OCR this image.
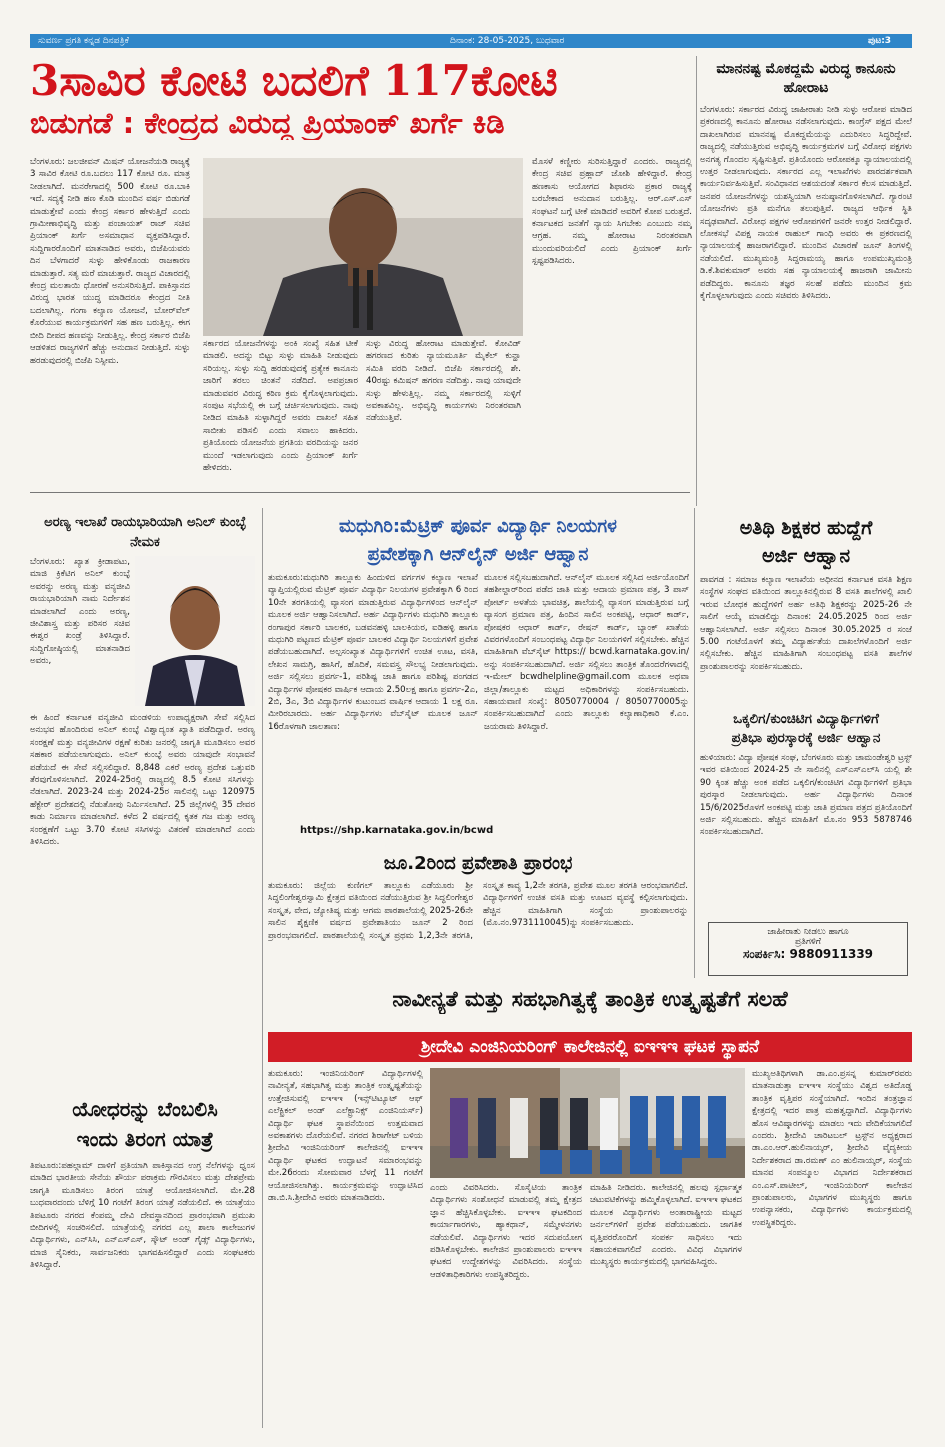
ಸುವರ್ಣ ಪ್ರಗತಿ ಕನ್ನಡ ದಿನಪತ್ರಿಕೆ	ದಿನಾಂಕ: 28-05-2025, ಬುಧವಾರ	ಪುಟ:3
3ಸಾವಿರ ಕೋಟಿ ಬದಲಿಗೆ 117ಕೋಟಿ
ಬಿಡುಗಡೆ : ಕೇಂದ್ರದ ವಿರುದ್ಧ ಪ್ರಿಯಾಂಕ್ ಖರ್ಗೆ ಕಿಡಿ

ಬೆಂಗಳೂರು: ಜಲಜೀವನ್ ಮಿಷನ್ ಯೋಜನೆಯಡಿ ರಾಜ್ಯಕ್ಕೆ 3 ಸಾವಿರ ಕೋಟಿ ರೂ.ಬದಲು 117 ಕೋಟಿ ರೂ. ಮಾತ್ರ ನೀಡಲಾಗಿದೆ. ಮನರೇಗಾದಲ್ಲಿ 500 ಕೋಟಿ ರೂ.ಬಾಕಿ ಇದೆ. ಸದ್ಯಕ್ಕೆ ನೀಡಿ ಹಣ ಕೊಡಿ ಮುಂದಿನ ವರ್ಷ ಬಿಡುಗಡೆ ಮಾಡುತ್ತೇವೆ ಎಂದು ಕೇಂದ್ರ ಸರ್ಕಾರ ಹೇಳುತ್ತಿದೆ ಎಂದು ಗ್ರಾಮೀಣಾಭಿವೃದ್ಧಿ ಮತ್ತು ಪಂಚಾಯತ್ ರಾಜ್ ಸಚಿವ ಪ್ರಿಯಾಂಕ್ ಖರ್ಗೆ ಅಸಮಾಧಾನ ವ್ಯಕ್ತಪಡಿಸಿದ್ದಾರೆ. ಸುದ್ದಿಗಾರರೊಂದಿಗೆ ಮಾತನಾಡಿದ ಅವರು, ಬಿಜೆಪಿಯವರು ದಿನ ಬೆಳಗಾದರೆ ಸುಳ್ಳು ಹೇಳಿಕೊಂಡು ರಾಜಕಾರಣ ಮಾಡುತ್ತಾರೆ. ಸತ್ಯ ಮರೆ ಮಾಚುತ್ತಾರೆ. ರಾಜ್ಯದ ವಿಚಾರದಲ್ಲಿ ಕೇಂದ್ರ ಮಲತಾಯಿ ಧೋರಣೆ ಅನುಸರಿಸುತ್ತಿದೆ. ಪಾಕಿಸ್ತಾನದ ವಿರುದ್ಧ ಭಾರತ ಯುದ್ಧ ಮಾಡಿದರೂ ಕೇಂದ್ರದ ನೀತಿ ಬದಲಾಗಿಲ್ಲ. ಗಂಗಾ ಕಲ್ಯಾಣ ಯೋಜನೆ, ಬೋರ್‌ವೆಲ್ ಕೊರೆಯುವ ಕಾರ್ಯಕ್ರಮಗಳಿಗೆ ಸಹ ಹಣ ಬರುತ್ತಿಲ್ಲ. ಈಗ ಬೀದಿ ದೀಪದ ಹಣವನ್ನು ನೀಡುತ್ತಿಲ್ಲ. ಕೇಂದ್ರ ಸರ್ಕಾರ ಬಿಜೆಪಿ ಆಡಳಿತದ ರಾಜ್ಯಗಳಿಗೆ ಹೆಚ್ಚು ಅನುದಾನ ನೀಡುತ್ತಿದೆ. ಸುಳ್ಳು ಹರಡುವುದರಲ್ಲಿ ಬಿಜೆಪಿ ನಿಸ್ಸೀಮ.

ಸರ್ಕಾರದ ಯೋಜನೆಗಳನ್ನು ಅಂಕಿ ಸಂಖ್ಯೆ ಸಹಿತ ಟೀಕೆ ಮಾಡಲಿ. ಅದನ್ನು ಬಿಟ್ಟು ಸುಳ್ಳು ಮಾಹಿತಿ ನೀಡುವುದು ಸರಿಯಲ್ಲ. ಸುಳ್ಳು ಸುದ್ದಿ ಹರಡುವುದಕ್ಕೆ ಪ್ರತ್ಯೇಕ ಕಾನೂನು ಜಾರಿಗೆ ತರಲು ಚಿಂತನೆ ನಡೆದಿದೆ. ಅಪಪ್ರಚಾರ ಮಾಡುವವರ ವಿರುದ್ಧ ಕಠಿಣ ಕ್ರಮ ಕೈಗೊಳ್ಳಲಾಗುವುದು. ಸಂಪುಟ ಸಭೆಯಲ್ಲಿ ಈ ಬಗ್ಗೆ ಚರ್ಚಿಸಲಾಗುವುದು. ನಾವು ನೀಡಿದ ಮಾಹಿತಿ ಸುಳ್ಳಾಗಿದ್ದರೆ ಅವರು ದಾಖಲೆ ಸಹಿತ ಸಾಬೀತು ಪಡಿಸಲಿ ಎಂದು ಸವಾಲು ಹಾಕಿದರು. ಪ್ರತಿಯೊಂದು ಯೋಜನೆಯ ಪ್ರಗತಿಯ ವರದಿಯನ್ನು ಜನರ ಮುಂದೆ ಇಡಲಾಗುವುದು ಎಂದು ಪ್ರಿಯಾಂಕ್ ಖರ್ಗೆ ಹೇಳಿದರು.

ಸುಳ್ಳು ವಿರುದ್ಧ ಹೋರಾಟ ಮಾಡುತ್ತೇವೆ. ಕೋವಿಡ್ ಹಗರಣದ ಕುರಿತು ನ್ಯಾಯಮೂರ್ತಿ ಮೈಕೆಲ್ ಕುನ್ಹಾ ಸಮಿತಿ ವರದಿ ನೀಡಿದೆ. ಬಿಜೆಪಿ ಸರ್ಕಾರದಲ್ಲಿ ಶೇ. 40ರಷ್ಟು ಕಮಿಷನ್ ಹಗರಣ ನಡೆದಿತ್ತು. ನಾವು ಯಾವುದೇ ಸುಳ್ಳು ಹೇಳುತ್ತಿಲ್ಲ. ನಮ್ಮ ಸರ್ಕಾರದಲ್ಲಿ ಸುಳ್ಳಿಗೆ ಅವಕಾಶವಿಲ್ಲ. ಅಭಿವೃದ್ಧಿ ಕಾರ್ಯಗಳು ನಿರಂತರವಾಗಿ ನಡೆಯುತ್ತಿವೆ.

ಮೊಸಳೆ ಕಣ್ಣೀರು ಸುರಿಸುತ್ತಿದ್ದಾರೆ ಎಂದರು. ರಾಜ್ಯದಲ್ಲಿ ಕೇಂದ್ರ ಸಚಿವ ಪ್ರಹ್ಲಾದ್ ಜೋಶಿ ಹೇಳಿದ್ದಾರೆ. ಕೇಂದ್ರ ಹಣಕಾಸು ಆಯೋಗದ ಶಿಫಾರಸು ಪ್ರಕಾರ ರಾಜ್ಯಕ್ಕೆ ಬರಬೇಕಾದ ಅನುದಾನ ಬರುತ್ತಿಲ್ಲ. ಆರ್.ಎಸ್.ಎಸ್ ಸಂಘಟನೆ ಬಗ್ಗೆ ಟೀಕೆ ಮಾಡಿದರೆ ಅವರಿಗೆ ಕೋಪ ಬರುತ್ತದೆ. ಕರ್ನಾಟಕದ ಜನತೆಗೆ ನ್ಯಾಯ ಸಿಗಬೇಕು ಎಂಬುದು ನಮ್ಮ ಆಗ್ರಹ. ನಮ್ಮ ಹೋರಾಟ ನಿರಂತರವಾಗಿ ಮುಂದುವರಿಯಲಿದೆ ಎಂದು ಪ್ರಿಯಾಂಕ್ ಖರ್ಗೆ ಸ್ಪಷ್ಟಪಡಿಸಿದರು.

ಮಾನನಷ್ಟ ಮೊಕದ್ದಮೆ ವಿರುದ್ಧ ಕಾನೂನು ಹೋರಾಟ

ಬೆಂಗಳೂರು: ಸರ್ಕಾರದ ವಿರುದ್ಧ ಜಾಹೀರಾತು ನೀಡಿ ಸುಳ್ಳು ಆರೋಪ ಮಾಡಿದ ಪ್ರಕರಣದಲ್ಲಿ ಕಾನೂನು ಹೋರಾಟ ನಡೆಸಲಾಗುವುದು. ಕಾಂಗ್ರೆಸ್ ಪಕ್ಷದ ಮೇಲೆ ದಾಖಲಾಗಿರುವ ಮಾನನಷ್ಟ ಮೊಕದ್ದಮೆಯನ್ನು ಎದುರಿಸಲು ಸಿದ್ಧರಿದ್ದೇವೆ. ರಾಜ್ಯದಲ್ಲಿ ನಡೆಯುತ್ತಿರುವ ಅಭಿವೃದ್ಧಿ ಕಾರ್ಯಕ್ರಮಗಳ ಬಗ್ಗೆ ವಿರೋಧ ಪಕ್ಷಗಳು ಅನಗತ್ಯ ಗೊಂದಲ ಸೃಷ್ಟಿಸುತ್ತಿವೆ. ಪ್ರತಿಯೊಂದು ಆರೋಪಕ್ಕೂ ನ್ಯಾಯಾಲಯದಲ್ಲಿ ಉತ್ತರ ನೀಡಲಾಗುವುದು. ಸರ್ಕಾರದ ಎಲ್ಲ ಇಲಾಖೆಗಳು ಪಾರದರ್ಶಕವಾಗಿ ಕಾರ್ಯನಿರ್ವಹಿಸುತ್ತಿವೆ. ಸಂವಿಧಾನದ ಆಶಯದಂತೆ ಸರ್ಕಾರ ಕೆಲಸ ಮಾಡುತ್ತಿದೆ. ಜನಪರ ಯೋಜನೆಗಳನ್ನು ಯಶಸ್ವಿಯಾಗಿ ಅನುಷ್ಠಾನಗೊಳಿಸಲಾಗಿದೆ. ಗ್ಯಾರಂಟಿ ಯೋಜನೆಗಳು ಪ್ರತಿ ಮನೆಗೂ ತಲುಪುತ್ತಿವೆ. ರಾಜ್ಯದ ಆರ್ಥಿಕ ಸ್ಥಿತಿ ಸದೃಢವಾಗಿದೆ. ವಿರೋಧ ಪಕ್ಷಗಳ ಆರೋಪಗಳಿಗೆ ಜನರೇ ಉತ್ತರ ನೀಡಲಿದ್ದಾರೆ. ಲೋಕಸಭೆ ವಿಪಕ್ಷ ನಾಯಕ ರಾಹುಲ್ ಗಾಂಧಿ ಅವರು ಈ ಪ್ರಕರಣದಲ್ಲಿ ನ್ಯಾಯಾಲಯಕ್ಕೆ ಹಾಜರಾಗಲಿದ್ದಾರೆ. ಮುಂದಿನ ವಿಚಾರಣೆ ಜೂನ್ ತಿಂಗಳಲ್ಲಿ ನಡೆಯಲಿದೆ. ಮುಖ್ಯಮಂತ್ರಿ ಸಿದ್ದರಾಮಯ್ಯ ಹಾಗೂ ಉಪಮುಖ್ಯಮಂತ್ರಿ ಡಿ.ಕೆ.ಶಿವಕುಮಾರ್ ಅವರು ಸಹ ನ್ಯಾಯಾಲಯಕ್ಕೆ ಹಾಜರಾಗಿ ಜಾಮೀನು ಪಡೆದಿದ್ದರು. ಕಾನೂನು ತಜ್ಞರ ಸಲಹೆ ಪಡೆದು ಮುಂದಿನ ಕ್ರಮ ಕೈಗೊಳ್ಳಲಾಗುವುದು ಎಂದು ಸಚಿವರು ತಿಳಿಸಿದರು.

ಅರಣ್ಯ ಇಲಾಖೆ ರಾಯಭಾರಿಯಾಗಿ ಅನಿಲ್ ಕುಂಬ್ಳೆ ನೇಮಕ

ಬೆಂಗಳೂರು: ಖ್ಯಾತ ಕ್ರೀಡಾಪಟು, ಮಾಜಿ ಕ್ರಿಕೆಟಿಗ ಅನಿಲ್ ಕುಂಬ್ಳೆ ಅವರನ್ನು ಅರಣ್ಯ ಮತ್ತು ವನ್ಯಜೀವಿ ರಾಯಭಾರಿಯಾಗಿ ನಾಮ ನಿರ್ದೇಶನ ಮಾಡಲಾಗಿದೆ ಎಂದು ಅರಣ್ಯ, ಜೀವಿಶಾಸ್ತ್ರ ಮತ್ತು ಪರಿಸರ ಸಚಿವ ಈಶ್ವರ ಖಂಡ್ರೆ ತಿಳಿಸಿದ್ದಾರೆ. ಸುದ್ದಿಗೋಷ್ಠಿಯಲ್ಲಿ ಮಾತನಾಡಿದ ಅವರು,

ಈ ಹಿಂದೆ ಕರ್ನಾಟಕ ವನ್ಯಜೀವಿ ಮಂಡಳಿಯ ಉಪಾಧ್ಯಕ್ಷರಾಗಿ ಸೇವೆ ಸಲ್ಲಿಸಿದ ಅನುಭವ ಹೊಂದಿರುವ ಅನಿಲ್ ಕುಂಬ್ಳೆ ವಿಶ್ವಾದ್ಯಂತ ಖ್ಯಾತಿ ಪಡೆದಿದ್ದಾರೆ. ಅರಣ್ಯ ಸಂರಕ್ಷಣೆ ಮತ್ತು ವನ್ಯಜೀವಿಗಳ ರಕ್ಷಣೆ ಕುರಿತು ಜನರಲ್ಲಿ ಜಾಗೃತಿ ಮೂಡಿಸಲು ಅವರ ಸಹಕಾರ ಪಡೆಯಲಾಗುವುದು. ಅನಿಲ್ ಕುಂಬ್ಳೆ ಅವರು ಯಾವುದೇ ಸಂಭಾವನೆ ಪಡೆಯದೆ ಈ ಸೇವೆ ಸಲ್ಲಿಸಲಿದ್ದಾರೆ. 8,848 ಎಕರೆ ಅರಣ್ಯ ಪ್ರದೇಶ ಒತ್ತುವರಿ ತೆರವುಗೊಳಿಸಲಾಗಿದೆ. 2024-25ರಲ್ಲಿ ರಾಜ್ಯದಲ್ಲಿ 8.5 ಕೋಟಿ ಸಸಿಗಳನ್ನು ನೆಡಲಾಗಿದೆ. 2023-24 ಮತ್ತು 2024-25ರ ಸಾಲಿನಲ್ಲಿ ಒಟ್ಟು 120975 ಹೆಕ್ಟೇರ್ ಪ್ರದೇಶದಲ್ಲಿ ನೆಡುತೋಪು ನಿರ್ಮಿಸಲಾಗಿದೆ. 25 ಜಿಲ್ಲೆಗಳಲ್ಲಿ 35 ದೇವರ ಕಾಡು ನಿರ್ಮಾಣ ಮಾಡಲಾಗಿದೆ. ಕಳೆದ 2 ವರ್ಷದಲ್ಲಿ ಕೃತಕ ಗಜ ಮತ್ತು ಅರಣ್ಯ ಸಂರಕ್ಷಣೆಗೆ ಒಟ್ಟು 3.70 ಕೋಟಿ ಸಸಿಗಳನ್ನು ವಿತರಣೆ ಮಾಡಲಾಗಿದೆ ಎಂದು ತಿಳಿಸಿದರು.

ಯೋಧರನ್ನು ಬೆಂಬಲಿಸಿ
ಇಂದು ತಿರಂಗ ಯಾತ್ರೆ

ತಿಪಟೂರು:ಪಹಲ್ಗಾಮ್ ದಾಳಿಗೆ ಪ್ರತಿಯಾಗಿ ಪಾಕಿಸ್ತಾನದ ಉಗ್ರ ನೆಲೆಗಳನ್ನು ಧ್ವಂಸ ಮಾಡಿದ ಭಾರತೀಯ ಸೇನೆಯ ಶೌರ್ಯ ಪರಾಕ್ರಮ ಗೌರವಿಸಲು ಮತ್ತು ದೇಶಪ್ರೇಮ ಜಾಗೃತಿ ಮೂಡಿಸಲು ತಿರಂಗ ಯಾತ್ರೆ ಆಯೋಜಿಸಲಾಗಿದೆ. ಮೇ.28 ಬುಧವಾರದಂದು ಬೆಳಿಗ್ಗೆ 10 ಗಂಟೆಗೆ ತಿರಂಗ ಯಾತ್ರೆ ನಡೆಯಲಿದೆ. ಈ ಯಾತ್ರೆಯು ತಿಪಟೂರು ನಗರದ ಕೆಂಪಮ್ಮ ದೇವಿ ದೇವಸ್ಥಾನದಿಂದ ಪ್ರಾರಂಭವಾಗಿ ಪ್ರಮುಖ ಬೀದಿಗಳಲ್ಲಿ ಸಂಚರಿಸಲಿದೆ. ಯಾತ್ರೆಯಲ್ಲಿ ನಗರದ ಎಲ್ಲ ಶಾಲಾ ಕಾಲೇಜುಗಳ ವಿದ್ಯಾರ್ಥಿಗಳು, ಎನ್‌ಸಿಸಿ, ಎನ್‌ಎಸ್‌ಎಸ್, ಸ್ಕೌಟ್ ಅಂಡ್ ಗೈಡ್ಸ್ ವಿದ್ಯಾರ್ಥಿಗಳು, ಮಾಜಿ ಸೈನಿಕರು, ಸಾರ್ವಜನಿಕರು ಭಾಗವಹಿಸಲಿದ್ದಾರೆ ಎಂದು ಸಂಘಟಕರು ತಿಳಿಸಿದ್ದಾರೆ.

ಮಧುಗಿರಿ:ಮೆಟ್ರಿಕ್ ಪೂರ್ವ ವಿದ್ಯಾರ್ಥಿ ನಿಲಯಗಳ
ಪ್ರವೇಶಕ್ಕಾಗಿ ಆನ್‌ಲೈನ್ ಅರ್ಜಿ ಆಹ್ವಾನ

ತುಮಕೂರು:ಮಧುಗಿರಿ ತಾಲ್ಲೂಕು ಹಿಂದುಳಿದ ವರ್ಗಗಳ ಕಲ್ಯಾಣ ಇಲಾಖೆ ವ್ಯಾಪ್ತಿಯಲ್ಲಿರುವ ಮೆಟ್ರಿಕ್ ಪೂರ್ವ ವಿದ್ಯಾರ್ಥಿ ನಿಲಯಗಳ ಪ್ರವೇಶಕ್ಕಾಗಿ 6 ರಿಂದ 10ನೇ ತರಗತಿಯಲ್ಲಿ ವ್ಯಾಸಂಗ ಮಾಡುತ್ತಿರುವ ವಿದ್ಯಾರ್ಥಿಗಳಿಂದ ಆನ್‌ಲೈನ್ ಮೂಲಕ ಅರ್ಜಿ ಆಹ್ವಾನಿಸಲಾಗಿದೆ. ಅರ್ಹ ವಿದ್ಯಾರ್ಥಿಗಳು ಮಧುಗಿರಿ ತಾಲ್ಲೂಕು ರಂಗಾಪುರ ಸರ್ಕಾರಿ ಬಾಲಕರ, ಬಡವನಹಳ್ಳಿ ಬಾಲಕಿಯರ, ಐಡಿಹಳ್ಳಿ ಹಾಗೂ ಮಧುಗಿರಿ ಪಟ್ಟಣದ ಮೆಟ್ರಿಕ್ ಪೂರ್ವ ಬಾಲಕರ ವಿದ್ಯಾರ್ಥಿ ನಿಲಯಗಳಿಗೆ ಪ್ರವೇಶ ಪಡೆಯಬಹುದಾಗಿದೆ. ಅಲ್ಪಸಂಖ್ಯಾತ ವಿದ್ಯಾರ್ಥಿಗಳಿಗೆ ಉಚಿತ ಊಟ, ವಸತಿ, ಲೇಖನ ಸಾಮಗ್ರಿ, ಹಾಸಿಗೆ, ಹೊದಿಕೆ, ಸಮವಸ್ತ್ರ ಸೌಲಭ್ಯ ನೀಡಲಾಗುವುದು. ಅರ್ಜಿ ಸಲ್ಲಿಸಲು ಪ್ರವರ್ಗ-1, ಪರಿಶಿಷ್ಟ ಜಾತಿ ಹಾಗೂ ಪರಿಶಿಷ್ಟ ಪಂಗಡದ ವಿದ್ಯಾರ್ಥಿಗಳ ಪೋಷಕರ ವಾರ್ಷಿಕ ಆದಾಯ 2.50ಲಕ್ಷ ಹಾಗೂ ಪ್ರವರ್ಗ-2ಎ, 2ಬಿ, 3ಎ, 3ಬಿ ವಿದ್ಯಾರ್ಥಿಗಳ ಕುಟುಂಬದ ವಾರ್ಷಿಕ ಆದಾಯ 1 ಲಕ್ಷ ರೂ. ಮೀರಿರಬಾರದು. ಅರ್ಹ ವಿದ್ಯಾರ್ಥಿಗಳು ವೆಬ್‌ಸೈಟ್ ಮೂಲಕ ಜೂನ್ 16ರೊಳಗಾಗಿ ಜಾಲತಾಣ:

https://shp.karnataka.gov.in/bcwd

ಮೂಲಕ ಸಲ್ಲಿಸಬಹುದಾಗಿದೆ. ಆನ್‌ಲೈನ್ ಮೂಲಕ ಸಲ್ಲಿಸಿದ ಅರ್ಜಿಯೊಂದಿಗೆ ತಹಶೀಲ್ದಾರ್‌ರಿಂದ ಪಡೆದ ಜಾತಿ ಮತ್ತು ಆದಾಯ ಪ್ರಮಾಣ ಪತ್ರ, 3 ಪಾಸ್ ಪೋರ್ಟ್ ಅಳತೆಯ ಭಾವಚಿತ್ರ, ಶಾಲೆಯಲ್ಲಿ ವ್ಯಾಸಂಗ ಮಾಡುತ್ತಿರುವ ಬಗ್ಗೆ ವ್ಯಾಸಂಗ ಪ್ರಮಾಣ ಪತ್ರ, ಹಿಂದಿನ ಸಾಲಿನ ಅಂಕಪಟ್ಟಿ, ಆಧಾರ್ ಕಾರ್ಡ್, ಪೋಷಕರ ಆಧಾರ್ ಕಾರ್ಡ್, ರೇಷನ್ ಕಾರ್ಡ್, ಬ್ಯಾಂಕ್ ಖಾತೆಯ ವಿವರಗಳೊಂದಿಗೆ ಸಂಬಂಧಪಟ್ಟ ವಿದ್ಯಾರ್ಥಿ ನಿಲಯಗಳಿಗೆ ಸಲ್ಲಿಸಬೇಕು. ಹೆಚ್ಚಿನ ಮಾಹಿತಿಗಾಗಿ ವೆಬ್‌ಸೈಟ್ https:// bcwd.karnataka.gov.in/ ಅನ್ನು ಸಂಪರ್ಕಿಸಬಹುದಾಗಿದೆ. ಅರ್ಜಿ ಸಲ್ಲಿಸಲು ತಾಂತ್ರಿಕ ತೊಂದರೆಗಳಾದಲ್ಲಿ ಇ-ಮೇಲ್ bcwdhelpline@gmail.com ಮೂಲಕ ಅಥವಾ ಜಿಲ್ಲಾ/ತಾಲ್ಲೂಕು ಮಟ್ಟದ ಅಧಿಕಾರಿಗಳನ್ನು ಸಂಪರ್ಕಿಸಬಹುದು. ಸಹಾಯವಾಣಿ ಸಂಖ್ಯೆ: 8050770004 / 8050770005ನ್ನು ಸಂಪರ್ಕಿಸಬಹುದಾಗಿದೆ ಎಂದು ತಾಲ್ಲೂಕು ಕಲ್ಯಾಣಾಧಿಕಾರಿ ಕೆ.ಎಂ. ಜಯರಾಮ ತಿಳಿಸಿದ್ದಾರೆ.

ಜೂ.2ರಿಂದ ಪ್ರವೇಶಾತಿ ಪ್ರಾರಂಭ

ತುಮಕೂರು: ಜಿಲ್ಲೆಯ ಕುಣಿಗಲ್ ತಾಲ್ಲೂಕು ಎಡೆಯೂರು ಶ್ರೀ ಸಿದ್ಧಲಿಂಗೇಶ್ವರಸ್ವಾಮಿ ಕ್ಷೇತ್ರದ ವತಿಯಿಂದ ನಡೆಯುತ್ತಿರುವ ಶ್ರೀ ಸಿದ್ಧಲಿಂಗೇಶ್ವರ ಸಂಸ್ಕೃತ, ವೇದ, ಜ್ಯೋತಿಷ್ಯ ಮತ್ತು ಆಗಮ ಪಾಠಶಾಲೆಯಲ್ಲಿ 2025-26ನೇ ಸಾಲಿನ ಶೈಕ್ಷಣಿಕ ವರ್ಷದ ಪ್ರವೇಶಾತಿಯು ಜೂನ್ 2 ರಿಂದ ಪ್ರಾರಂಭವಾಗಲಿದೆ. ಪಾಠಶಾಲೆಯಲ್ಲಿ ಸಂಸ್ಕೃತ ಪ್ರಥಮ 1,2,3ನೇ ತರಗತಿ, ಸಂಸ್ಕೃತ ಕಾವ್ಯ 1,2ನೇ ತರಗತಿ, ಪ್ರವೇಶ ಮೂಲ ತರಗತಿ ಆರಂಭವಾಗಲಿದೆ. ವಿದ್ಯಾರ್ಥಿಗಳಿಗೆ ಉಚಿತ ವಸತಿ ಮತ್ತು ಊಟದ ವ್ಯವಸ್ಥೆ ಕಲ್ಪಿಸಲಾಗುವುದು. ಹೆಚ್ಚಿನ ಮಾಹಿತಿಗಾಗಿ ಸಂಸ್ಥೆಯ ಪ್ರಾಂಶುಪಾಲರನ್ನು (ಮೊ.ನಂ.9731110045)ನ್ನು ಸಂಪರ್ಕಿಸಬಹುದು.

ಅತಿಥಿ ಶಿಕ್ಷಕರ ಹುದ್ದೆಗೆ
ಅರ್ಜಿ ಆಹ್ವಾನ

ಪಾವಗಡ : ಸಮಾಜ ಕಲ್ಯಾಣ ಇಲಾಖೆಯ ಅಧೀನದ ಕರ್ನಾಟಕ ವಸತಿ ಶಿಕ್ಷಣ ಸಂಸ್ಥೆಗಳ ಸಂಘದ ವತಿಯಿಂದ ತಾಲ್ಲೂಕಿನಲ್ಲಿರುವ 8 ವಸತಿ ಶಾಲೆಗಳಲ್ಲಿ ಖಾಲಿ ಇರುವ ಬೋಧಕ ಹುದ್ದೆಗಳಿಗೆ ಅರ್ಹ ಅತಿಥಿ ಶಿಕ್ಷಕರನ್ನು 2025-26 ನೇ ಸಾಲಿಗೆ ಆಯ್ಕೆ ಮಾಡಲಿದ್ದು ದಿನಾಂಕ: 24.05.2025 ರಿಂದ ಅರ್ಜಿ ಆಹ್ವಾನಿಸಲಾಗಿದೆ. ಅರ್ಜಿ ಸಲ್ಲಿಸಲು ದಿನಾಂಕ 30.05.2025 ರ ಸಂಜೆ 5.00 ಗಂಟೆಯೊಳಗೆ ತಮ್ಮ ವಿದ್ಯಾರ್ಹತೆಯ ದಾಖಲೆಗಳೊಂದಿಗೆ ಅರ್ಜಿ ಸಲ್ಲಿಸಬೇಕು. ಹೆಚ್ಚಿನ ಮಾಹಿತಿಗಾಗಿ ಸಂಬಂಧಪಟ್ಟ ವಸತಿ ಶಾಲೆಗಳ ಪ್ರಾಂಶುಪಾಲರನ್ನು ಸಂಪರ್ಕಿಸಬಹುದು.

ಒಕ್ಕಲಿಗ/ಕುಂಚಿಟಿಗ ವಿದ್ಯಾರ್ಥಿಗಳಿಗೆ
ಪ್ರತಿಭಾ ಪುರಸ್ಕಾರಕ್ಕೆ ಅರ್ಜಿ ಆಹ್ವಾನ

ಹುಳಿಯಾರು: ವಿದ್ಯಾ ಪೋಷಕ ಸಂಘ, ಬೆಂಗಳೂರು ಮತ್ತು ಚಾಮಂಡೇಶ್ವರಿ ಟ್ರಸ್ಟ್ ಇವರ ವತಿಯಿಂದ 2024-25 ನೇ ಸಾಲಿನಲ್ಲಿ ಎಸ್‌ಎಸ್‌ಎಲ್‌ಸಿ ಯಲ್ಲಿ ಶೇ 90 ಕ್ಕಿಂತ ಹೆಚ್ಚು ಅಂಕ ಪಡೆದ ಒಕ್ಕಲಿಗ/ಕುಂಚಿಟಿಗ ವಿದ್ಯಾರ್ಥಿಗಳಿಗೆ ಪ್ರತಿಭಾ ಪುರಸ್ಕಾರ ನೀಡಲಾಗುವುದು. ಅರ್ಹ ವಿದ್ಯಾರ್ಥಿಗಳು ದಿನಾಂಕ 15/6/2025ರೊಳಗೆ ಅಂಕಪಟ್ಟಿ ಮತ್ತು ಜಾತಿ ಪ್ರಮಾಣ ಪತ್ರದ ಪ್ರತಿಯೊಂದಿಗೆ ಅರ್ಜಿ ಸಲ್ಲಿಸಬಹುದು. ಹೆಚ್ಚಿನ ಮಾಹಿತಿಗೆ ಮೊ.ನಂ 953 5878746 ಸಂಪರ್ಕಿಸಬಹುದಾಗಿದೆ.

ಜಾಹೀರಾತು ನೀಡಲು ಹಾಗೂ
ಪ್ರತಿಗಳಿಗೆ
ಸಂಪರ್ಕಿಸಿ: 9880911339
ನಾವೀನ್ಯತೆ ಮತ್ತು ಸಹಭಾಗಿತ್ವಕ್ಕೆ ತಾಂತ್ರಿಕ ಉತ್ಕೃಷ್ಟತೆಗೆ ಸಲಹೆ
ಶ್ರೀದೇವಿ ಎಂಜಿನಿಯರಿಂಗ್ ಕಾಲೇಜಿನಲ್ಲಿ ಐಇಇಇ ಘಟಕ ಸ್ಥಾಪನೆ

ತುಮಕೂರು: ಇಂಜಿನಿಯರಿಂಗ್ ವಿದ್ಯಾರ್ಥಿಗಳಲ್ಲಿ ನಾವೀನ್ಯತೆ, ಸಹಭಾಗಿತ್ವ ಮತ್ತು ತಾಂತ್ರಿಕ ಉತ್ಕೃಷ್ಟತೆಯನ್ನು ಉತ್ತೇಜಿಸುವಲ್ಲಿ ಐಇಇಇ (ಇನ್ಸ್‌ಟಿಟ್ಯೂಟ್ ಆಫ್ ಎಲೆಕ್ಟ್ರಿಕಲ್ ಅಂಡ್ ಎಲೆಕ್ಟ್ರಾನಿಕ್ಸ್ ಎಂಜಿನಿಯರ್ಸ್) ವಿದ್ಯಾರ್ಥಿ ಘಟಕ ಸ್ಥಾಪನೆಯಿಂದ ಉತ್ತಮವಾದ ಅವಕಾಶಗಳು ದೊರೆಯಲಿವೆ. ನಗರದ ಶಿರಾಗೇಟ್ ಬಳಿಯ ಶ್ರೀದೇವಿ ಇಂಜಿನಿಯರಿಂಗ್ ಕಾಲೇಜಿನಲ್ಲಿ ಐಇಇಇ ವಿದ್ಯಾರ್ಥಿ ಘಟಕದ ಉದ್ಘಾಟನೆ ಸಮಾರಂಭವನ್ನು ಮೇ.26ರಂದು ಸೋಮವಾರ ಬೆಳಗ್ಗೆ 11 ಗಂಟೆಗೆ ಆಯೋಜಿಸಲಾಗಿತ್ತು. ಕಾರ್ಯಕ್ರಮವನ್ನು ಉದ್ಘಾಟಿಸಿದ ಡಾ.ಬಿ.ಸಿ.ಶ್ರೀದೇವಿ ಅವರು ಮಾತನಾಡಿದರು.

ಎಂದು ವಿವರಿಸಿದರು. ಸೊಸೈಟಿಯ ತಾಂತ್ರಿಕ ವಿದ್ಯಾರ್ಥಿಗಳು ಸಂಶೋಧನೆ ಮಾಡುವಲ್ಲಿ ತಮ್ಮ ಕ್ಷೇತ್ರದ ಜ್ಞಾನ ಹೆಚ್ಚಿಸಿಕೊಳ್ಳಬೇಕು. ಐಇಇಇ ಘಟಕದಿಂದ ಕಾರ್ಯಾಗಾರಗಳು, ಹ್ಯಾಕಥಾನ್, ಸಮ್ಮೇಳನಗಳು ನಡೆಯಲಿವೆ. ವಿದ್ಯಾರ್ಥಿಗಳು ಇದರ ಸದುಪಯೋಗ ಪಡಿಸಿಕೊಳ್ಳಬೇಕು. ಕಾಲೇಜಿನ ಪ್ರಾಂಶುಪಾಲರು ಐಇಇಇ ಘಟಕದ ಉದ್ದೇಶಗಳನ್ನು ವಿವರಿಸಿದರು. ಸಂಸ್ಥೆಯ ಆಡಳಿತಾಧಿಕಾರಿಗಳು ಉಪಸ್ಥಿತರಿದ್ದರು.

ಮಾಹಿತಿ ನೀಡಿದರು. ಕಾಲೇಜಿನಲ್ಲಿ ಹಲವು ಸ್ಪರ್ಧಾತ್ಮಕ ಚಟುವಟಿಕೆಗಳನ್ನು ಹಮ್ಮಿಕೊಳ್ಳಲಾಗಿದೆ. ಐಇಇಇ ಘಟಕದ ಮೂಲಕ ವಿದ್ಯಾರ್ಥಿಗಳು ಅಂತಾರಾಷ್ಟ್ರೀಯ ಮಟ್ಟದ ಜರ್ನಲ್‌ಗಳಿಗೆ ಪ್ರವೇಶ ಪಡೆಯಬಹುದು. ಜಾಗತಿಕ ವೃತ್ತಿಪರರೊಂದಿಗೆ ಸಂಪರ್ಕ ಸಾಧಿಸಲು ಇದು ಸಹಾಯಕವಾಗಲಿದೆ ಎಂದರು. ವಿವಿಧ ವಿಭಾಗಗಳ ಮುಖ್ಯಸ್ಥರು ಕಾರ್ಯಕ್ರಮದಲ್ಲಿ ಭಾಗವಹಿಸಿದ್ದರು.

ಮುಖ್ಯಅತಿಥಿಗಳಾಗಿ ಡಾ.ಎಂ.ಪ್ರಸನ್ನ ಕುಮಾರ್‌ರವರು ಮಾತನಾಡುತ್ತಾ ಐಇಇಇ ಸಂಸ್ಥೆಯು ವಿಶ್ವದ ಅತಿದೊಡ್ಡ ತಾಂತ್ರಿಕ ವೃತ್ತಿಪರ ಸಂಸ್ಥೆಯಾಗಿದೆ. ಇಂದಿನ ತಂತ್ರಜ್ಞಾನ ಕ್ಷೇತ್ರದಲ್ಲಿ ಇದರ ಪಾತ್ರ ಮಹತ್ವದ್ದಾಗಿದೆ. ವಿದ್ಯಾರ್ಥಿಗಳು ಹೊಸ ಆವಿಷ್ಕಾರಗಳನ್ನು ಮಾಡಲು ಇದು ವೇದಿಕೆಯಾಗಲಿದೆ ಎಂದರು. ಶ್ರೀದೇವಿ ಚಾರಿಟಬಲ್ ಟ್ರಸ್ಟ್‌ನ ಅಧ್ಯಕ್ಷರಾದ ಡಾ.ಎಂ.ಆರ್.ಹುಲಿನಾಯ್ಕರ್, ಶ್ರೀದೇವಿ ವೈದ್ಯಕೀಯ ನಿರ್ದೇಶಕರಾದ ಡಾ.ರಮಣ್ ಎಂ ಹುಲಿನಾಯ್ಕರ್, ಸಂಸ್ಥೆಯ ಮಾನವ ಸಂಪನ್ಮೂಲ ವಿಭಾಗದ ನಿರ್ದೇಶಕರಾದ ಎಂ.ಎಸ್.ಪಾಟೀಲ್, ಇಂಜಿನಿಯರಿಂಗ್ ಕಾಲೇಜಿನ ಪ್ರಾಂಶುಪಾಲರು, ವಿಭಾಗಗಳ ಮುಖ್ಯಸ್ಥರು ಹಾಗೂ ಉಪನ್ಯಾಸಕರು, ವಿದ್ಯಾರ್ಥಿಗಳು ಕಾರ್ಯಕ್ರಮದಲ್ಲಿ ಉಪಸ್ಥಿತರಿದ್ದರು.
